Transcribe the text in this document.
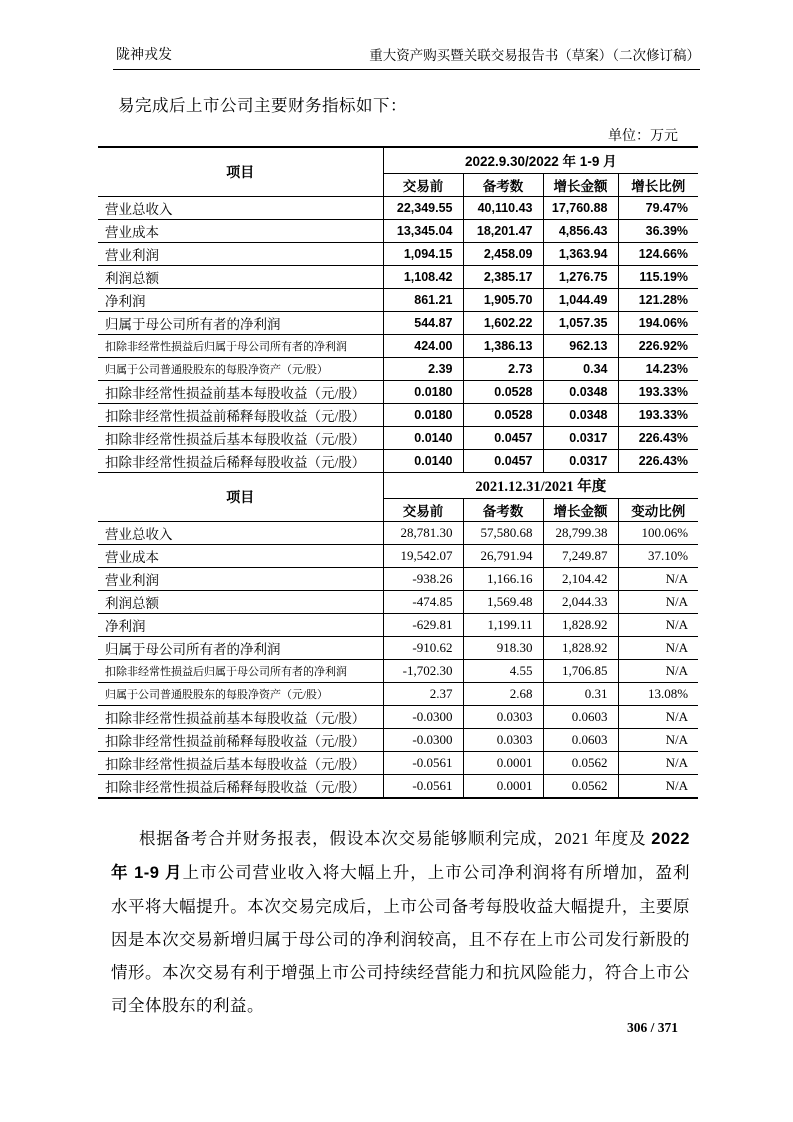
陇神戎发	重大资产购买暨关联交易报告书（草案）（二次修订稿）
易完成后上市公司主要财务指标如下：
单位：万元
项目	2022.9.30/2022 年 1-9 月			
	交易前	备考数	增长金额	增长比例
营业总收入	22,349.55	40,110.43	17,760.88	79.47%
营业成本	13,345.04	18,201.47	4,856.43	36.39%
营业利润	1,094.15	2,458.09	1,363.94	124.66%
利润总额	1,108.42	2,385.17	1,276.75	115.19%
净利润	861.21	1,905.70	1,044.49	121.28%
归属于母公司所有者的净利润	544.87	1,602.22	1,057.35	194.06%
扣除非经常性损益后归属于母公司所有者的净利润	424.00	1,386.13	962.13	226.92%
归属于公司普通股股东的每股净资产（元/股）	2.39	2.73	0.34	14.23%
扣除非经常性损益前基本每股收益（元/股）	0.0180	0.0528	0.0348	193.33%
扣除非经常性损益前稀释每股收益（元/股）	0.0180	0.0528	0.0348	193.33%
扣除非经常性损益后基本每股收益（元/股）	0.0140	0.0457	0.0317	226.43%
扣除非经常性损益后稀释每股收益（元/股）	0.0140	0.0457	0.0317	226.43%
项目	2021.12.31/2021 年度			
	交易前	备考数	增长金额	变动比例
营业总收入	28,781.30	57,580.68	28,799.38	100.06%
营业成本	19,542.07	26,791.94	7,249.87	37.10%
营业利润	-938.26	1,166.16	2,104.42	N/A
利润总额	-474.85	1,569.48	2,044.33	N/A
净利润	-629.81	1,199.11	1,828.92	N/A
归属于母公司所有者的净利润	-910.62	918.30	1,828.92	N/A
扣除非经常性损益后归属于母公司所有者的净利润	-1,702.30	4.55	1,706.85	N/A
归属于公司普通股股东的每股净资产（元/股）	2.37	2.68	0.31	13.08%
扣除非经常性损益前基本每股收益（元/股）	-0.0300	0.0303	0.0603	N/A
扣除非经常性损益前稀释每股收益（元/股）	-0.0300	0.0303	0.0603	N/A
扣除非经常性损益后基本每股收益（元/股）	-0.0561	0.0001	0.0562	N/A
扣除非经常性损益后稀释每股收益（元/股）	-0.0561	0.0001	0.0562	N/A

根据备考合并财务报表，假设本次交易能够顺利完成，2021 年度及 2022 年 1-9 月上市公司营业收入将大幅上升，上市公司净利润将有所增加，盈利水平将大幅提升。本次交易完成后，上市公司备考每股收益大幅提升，主要原因是本次交易新增归属于母公司的净利润较高，且不存在上市公司发行新股的情形。本次交易有利于增强上市公司持续经营能力和抗风险能力，符合上市公司全体股东的利益。

306 / 371
